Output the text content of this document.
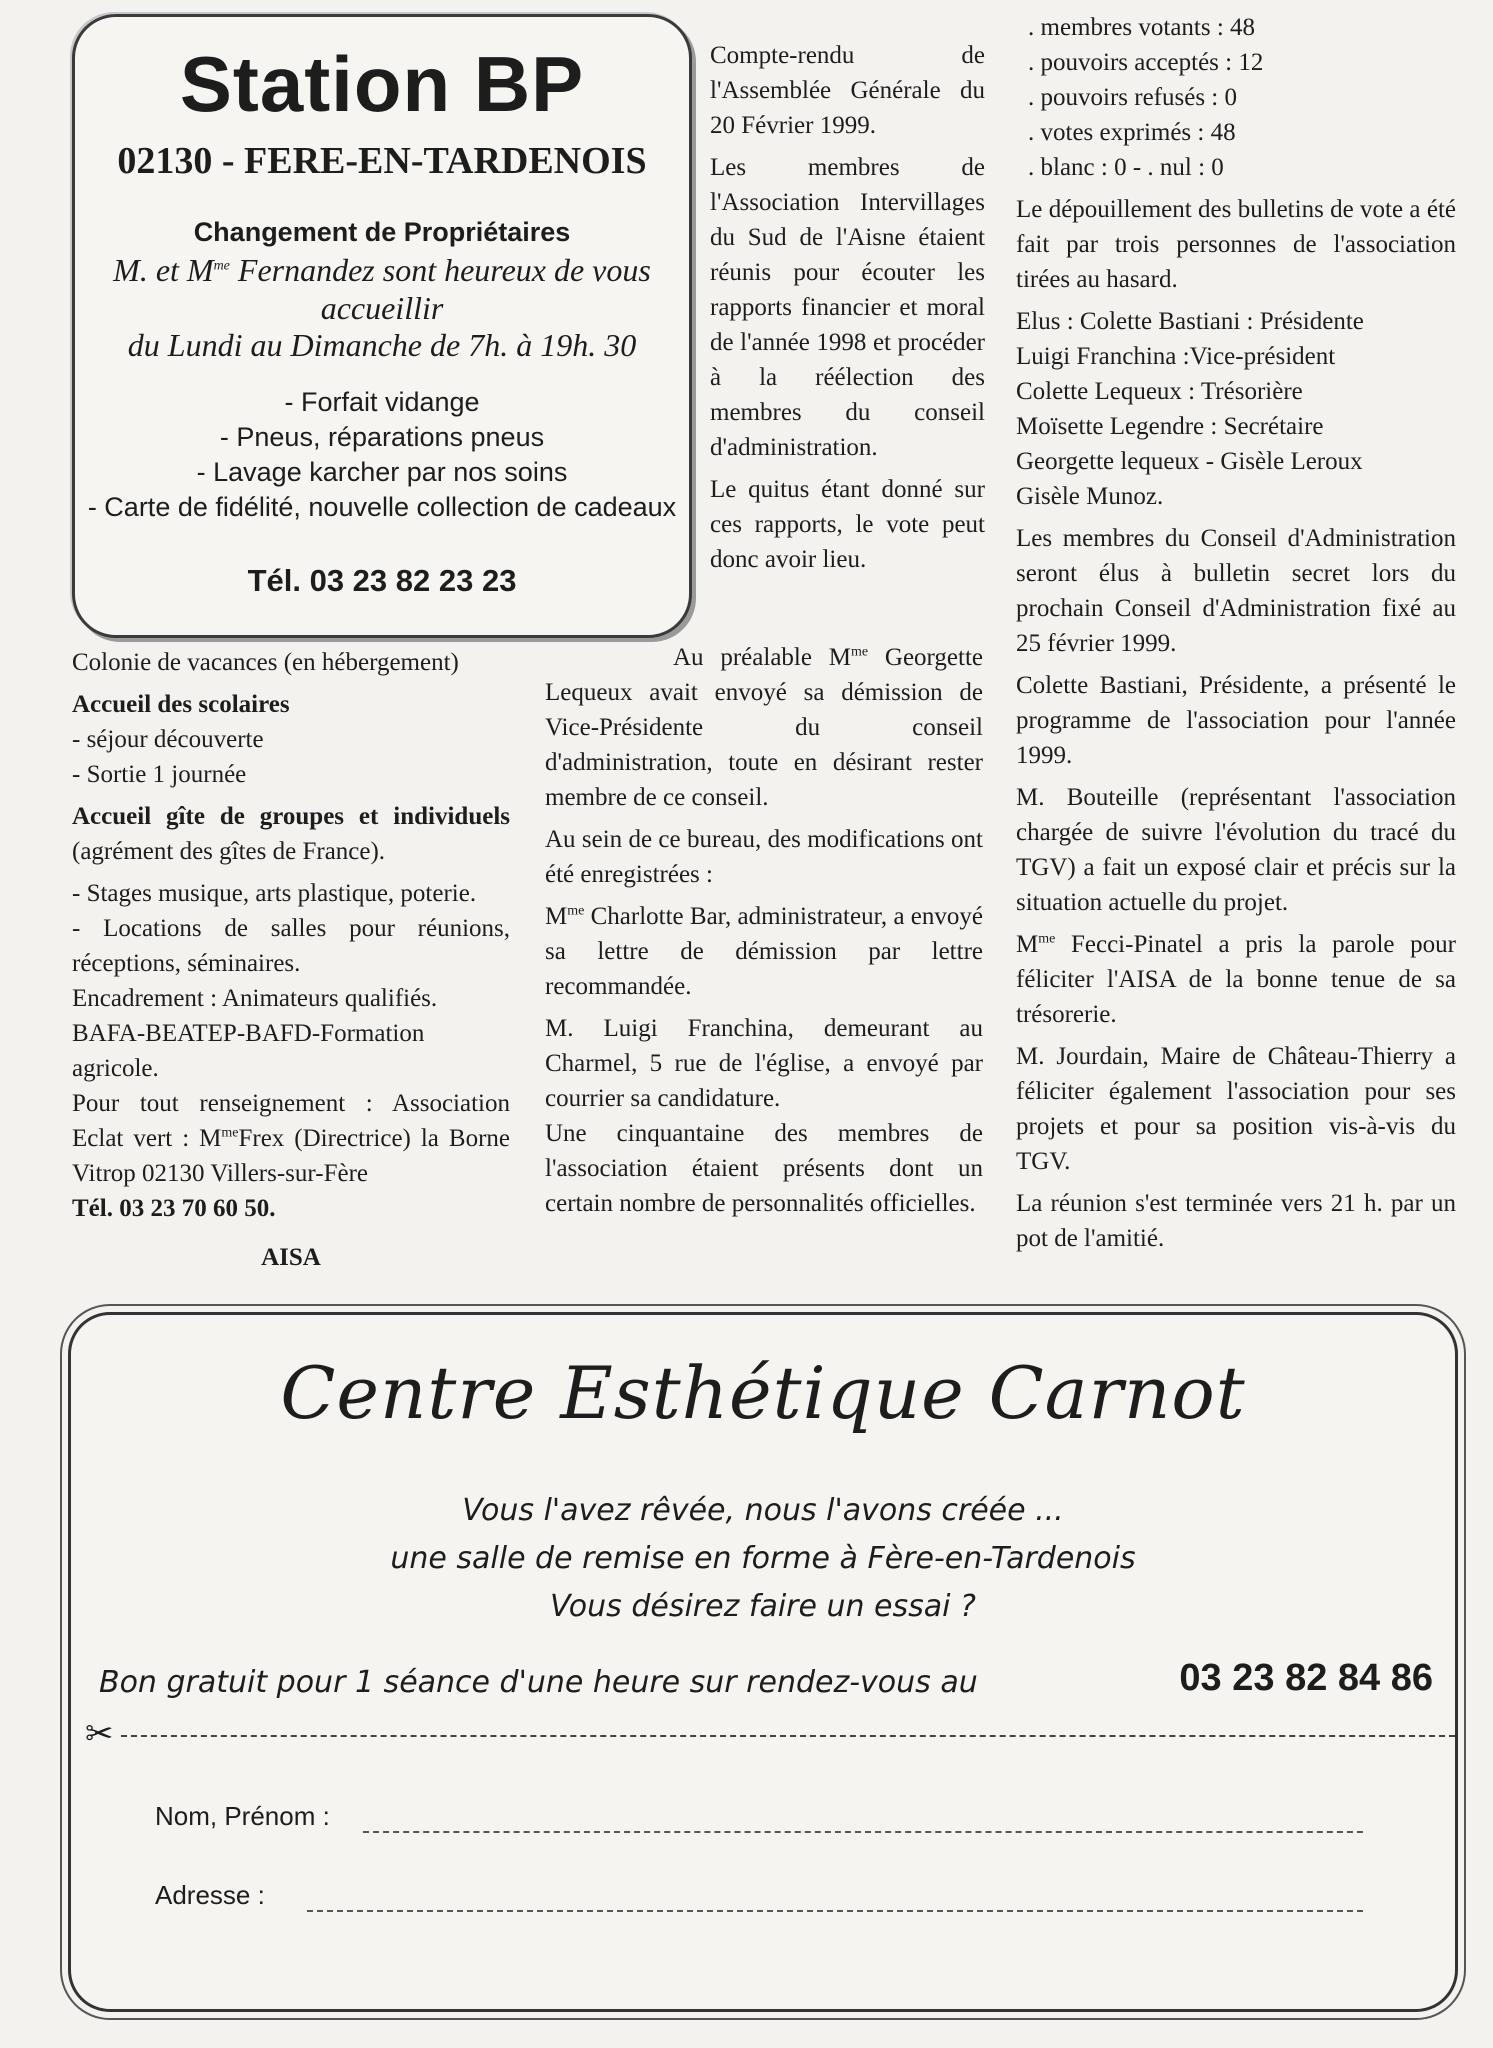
Station BP
02130 - FERE-EN-TARDENOIS
Changement de Propriétaires
M. et $M^{me}$ Fernandez sont heureux de vous
accueillir
du Lundi au Dimanche de 7h. à 19h. 30
- Forfait vidange
- Pneus, réparations pneus
- Lavage karcher par nos soins
- Carte de fidélité, nouvelle collection de cadeaux
Tél. 03 23 82 23 23

Colonie de vacances (en hébergement)

Accueil des scolaires

- séjour découverte
- Sortie 1 journée

Accueil gîte de groupes et individuels (agrément des gîtes de France).

- Stages musique, arts plastique, poterie.

- Locations de salles pour réunions, réceptions, séminaires.

Encadrement : Animateurs qualifiés.

BAFA-BEATEP-BAFD-Formation agricole.

Pour tout renseignement : Association Eclat vert : $M^{me}Frex$ (Directrice) la Borne Vitrop 02130 Villers-sur-Fère

Tél. 03 23 70 60 50.

AISA

Compte-rendu de l'Assemblée Générale du 20 Février 1999.

Les membres de l'Association Intervillages du Sud de l'Aisne étaient réunis pour écouter les rapports financier et moral de l'année 1998 et procéder à la réélection des membres du conseil d'administration.

Le quitus étant donné sur ces rapports, le vote peut donc avoir lieu.

Au préalable $M^{me}$ Georgette Lequeux avait envoyé sa démission de Vice-Présidente du conseil d'administration, toute en désirant rester membre de ce conseil.

Au sein de ce bureau, des modifications ont été enregistrées :

$M^{me}$ Charlotte Bar, administrateur, a envoyé sa lettre de démission par lettre recommandée.

M. Luigi Franchina, demeurant au Charmel, 5 rue de l'église, a envoyé par courrier sa candidature.

Une cinquantaine des membres de l'association étaient présents dont un certain nombre de personnalités officielles.

. membres votants : 48
. pouvoirs acceptés : 12
. pouvoirs refusés : 0
. votes exprimés : 48
. blanc : 0 - . nul : 0

Le dépouillement des bulletins de vote a été fait par trois personnes de l'association tirées au hasard.

Elus : Colette Bastiani : Présidente
Luigi Franchina :Vice-président
Colette Lequeux : Trésorière
Moïsette Legendre : Secrétaire
Georgette lequeux - Gisèle Leroux
Gisèle Munoz.

Les membres du Conseil d'Administration seront élus à bulletin secret lors du prochain Conseil d'Administration fixé au 25 février 1999.

Colette Bastiani, Présidente, a présenté le programme de l'association pour l'année 1999.

M. Bouteille (représentant l'association chargée de suivre l'évolution du tracé du TGV) a fait un exposé clair et précis sur la situation actuelle du projet.

$M^{me}$ Fecci-Pinatel a pris la parole pour féliciter l'AISA de la bonne tenue de sa trésorerie.

M. Jourdain, Maire de Château-Thierry a féliciter également l'association pour ses projets et pour sa position vis-à-vis du TGV.

La réunion s'est terminée vers 21 h. par un pot de l'amitié.

Centre Esthétique Carnot
Vous l'avez rêvée, nous l'avons créée ...
une salle de remise en forme à Fère-en-Tardenois
Vous désirez faire un essai ?
Bon gratuit pour 1 séance d'une heure sur rendez-vous au	03 23 82 84 86
✂
Nom, Prénom :
Adresse :
